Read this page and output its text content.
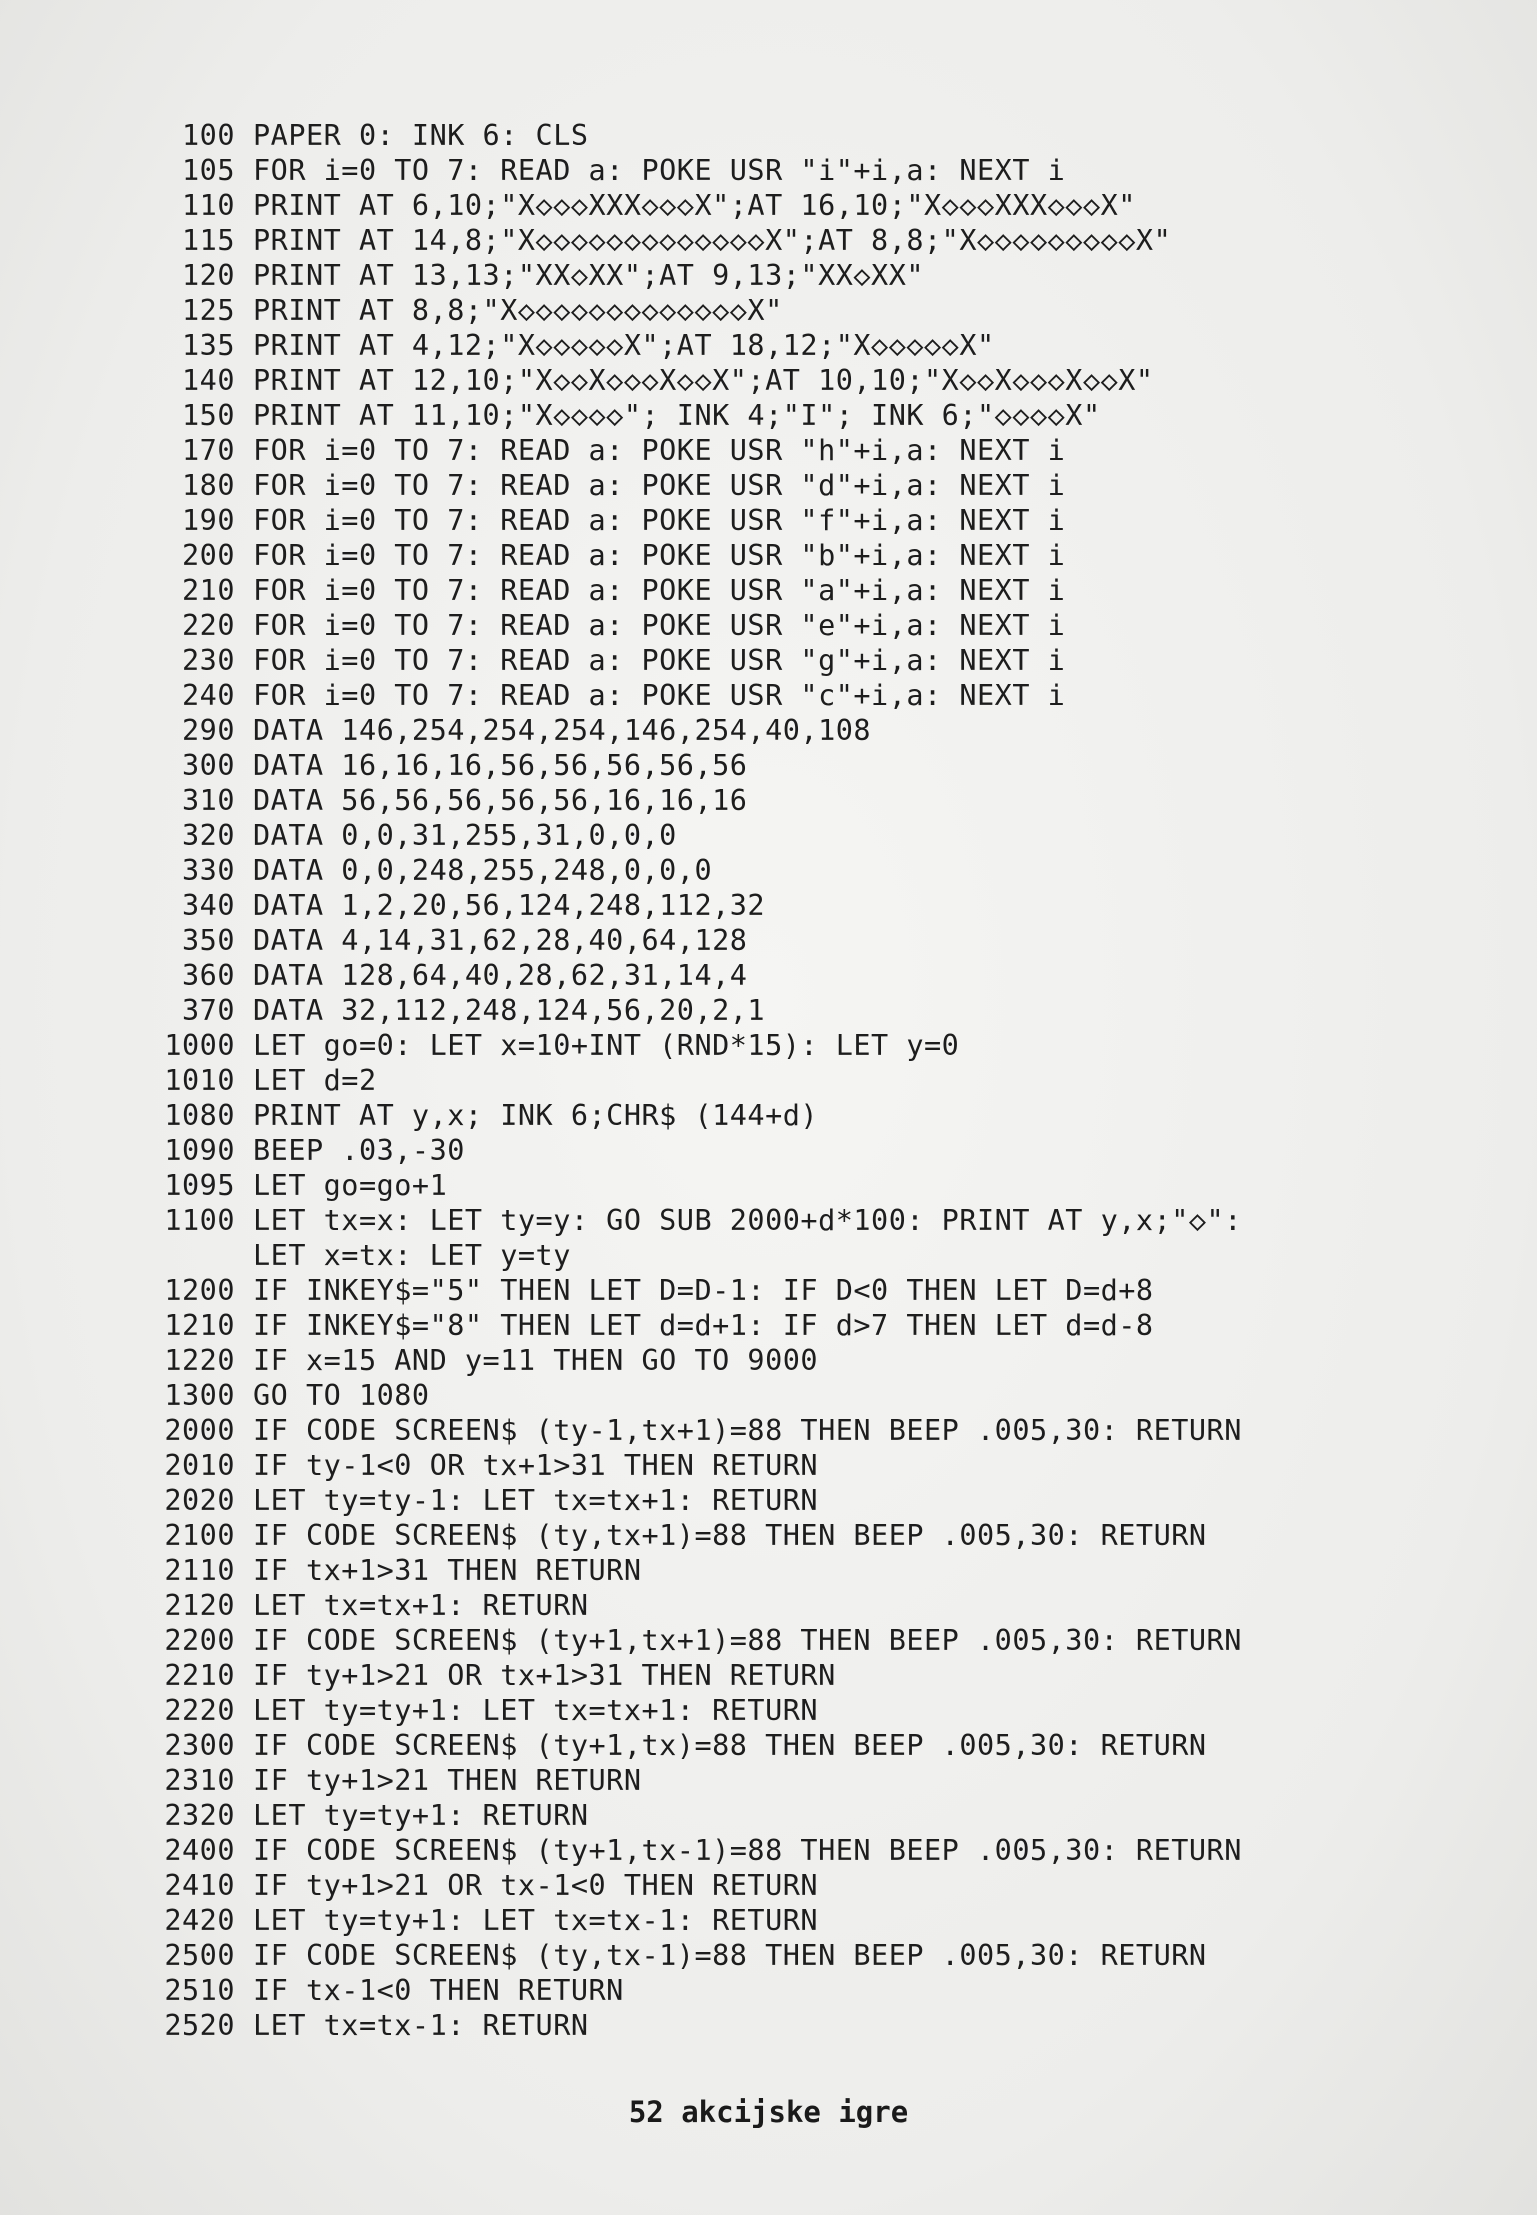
100 PAPER 0: INK 6: CLS
105 FOR i=0 TO 7: READ a: POKE USR "i"+i,a: NEXT i
110 PRINT AT 6,10;"X◇◇◇XXX◇◇◇X";AT 16,10;"X◇◇◇XXX◇◇◇X"
115 PRINT AT 14,8;"X◇◇◇◇◇◇◇◇◇◇◇◇◇X";AT 8,8;"X◇◇◇◇◇◇◇◇◇X"
120 PRINT AT 13,13;"XX◇XX";AT 9,13;"XX◇XX"
125 PRINT AT 8,8;"X◇◇◇◇◇◇◇◇◇◇◇◇◇X"
135 PRINT AT 4,12;"X◇◇◇◇◇X";AT 18,12;"X◇◇◇◇◇X"
140 PRINT AT 12,10;"X◇◇X◇◇◇X◇◇X";AT 10,10;"X◇◇X◇◇◇X◇◇X"
150 PRINT AT 11,10;"X◇◇◇◇"; INK 4;"I"; INK 6;"◇◇◇◇X"
170 FOR i=0 TO 7: READ a: POKE USR "h"+i,a: NEXT i
180 FOR i=0 TO 7: READ a: POKE USR "d"+i,a: NEXT i
190 FOR i=0 TO 7: READ a: POKE USR "f"+i,a: NEXT i
200 FOR i=0 TO 7: READ a: POKE USR "b"+i,a: NEXT i
210 FOR i=0 TO 7: READ a: POKE USR "a"+i,a: NEXT i
220 FOR i=0 TO 7: READ a: POKE USR "e"+i,a: NEXT i
230 FOR i=0 TO 7: READ a: POKE USR "g"+i,a: NEXT i
240 FOR i=0 TO 7: READ a: POKE USR "c"+i,a: NEXT i
290 DATA 146,254,254,254,146,254,40,108
300 DATA 16,16,16,56,56,56,56,56
310 DATA 56,56,56,56,56,16,16,16
320 DATA 0,0,31,255,31,0,0,0
330 DATA 0,0,248,255,248,0,0,0
340 DATA 1,2,20,56,124,248,112,32
350 DATA 4,14,31,62,28,40,64,128
360 DATA 128,64,40,28,62,31,14,4
370 DATA 32,112,248,124,56,20,2,1
1000 LET go=0: LET x=10+INT (RND*15): LET y=0
1010 LET d=2
1080 PRINT AT y,x; INK 6;CHR$ (144+d)
1090 BEEP .03,-30
1095 LET go=go+1
1100 LET tx=x: LET ty=y: GO SUB 2000+d*100: PRINT AT y,x;"◇":
LET x=tx: LET y=ty
1200 IF INKEY$="5" THEN LET D=D-1: IF D<0 THEN LET D=d+8
1210 IF INKEY$="8" THEN LET d=d+1: IF d>7 THEN LET d=d-8
1220 IF x=15 AND y=11 THEN GO TO 9000
1300 GO TO 1080
2000 IF CODE SCREEN$ (ty-1,tx+1)=88 THEN BEEP .005,30: RETURN
2010 IF ty-1<0 OR tx+1>31 THEN RETURN
2020 LET ty=ty-1: LET tx=tx+1: RETURN
2100 IF CODE SCREEN$ (ty,tx+1)=88 THEN BEEP .005,30: RETURN
2110 IF tx+1>31 THEN RETURN
2120 LET tx=tx+1: RETURN
2200 IF CODE SCREEN$ (ty+1,tx+1)=88 THEN BEEP .005,30: RETURN
2210 IF ty+1>21 OR tx+1>31 THEN RETURN
2220 LET ty=ty+1: LET tx=tx+1: RETURN
2300 IF CODE SCREEN$ (ty+1,tx)=88 THEN BEEP .005,30: RETURN
2310 IF ty+1>21 THEN RETURN
2320 LET ty=ty+1: RETURN
2400 IF CODE SCREEN$ (ty+1,tx-1)=88 THEN BEEP .005,30: RETURN
2410 IF ty+1>21 OR tx-1<0 THEN RETURN
2420 LET ty=ty+1: LET tx=tx-1: RETURN
2500 IF CODE SCREEN$ (ty,tx-1)=88 THEN BEEP .005,30: RETURN
2510 IF tx-1<0 THEN RETURN
2520 LET tx=tx-1: RETURN
52 akcijske igre
